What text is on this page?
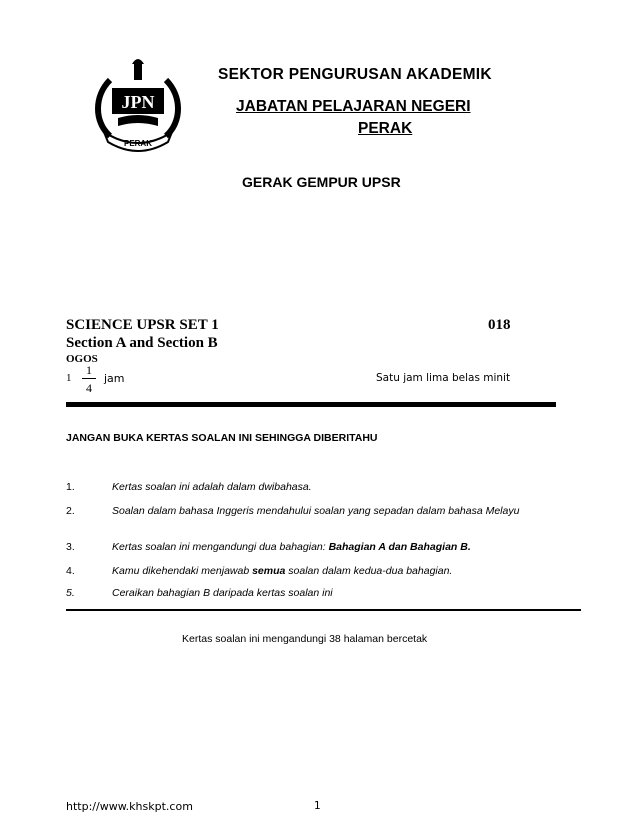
JPN
PERAK
SEKTOR PENGURUSAN AKADEMIK
JABATAN PELAJARAN NEGERI
PERAK
GERAK GEMPUR UPSR
SCIENCE UPSR SET 1	018
Section A and Section B
OGOS
1
1
4
jam	Satu jam lima belas minit
JANGAN BUKA KERTAS SOALAN INI SEHINGGA DIBERITAHU
1.	Kertas soalan ini adalah dalam dwibahasa.
2.	Soalan dalam bahasa Inggeris mendahului soalan yang sepadan dalam bahasa Melayu
3.	Kertas soalan ini mengandungi dua bahagian: Bahagian A dan Bahagian B.
4.	Kamu dikehendaki menjawab semua soalan dalam kedua-dua bahagian.
5.	Ceraikan bahagian B daripada kertas soalan ini
Kertas soalan ini mengandungi 38 halaman bercetak
http://www.khskpt.com	1
